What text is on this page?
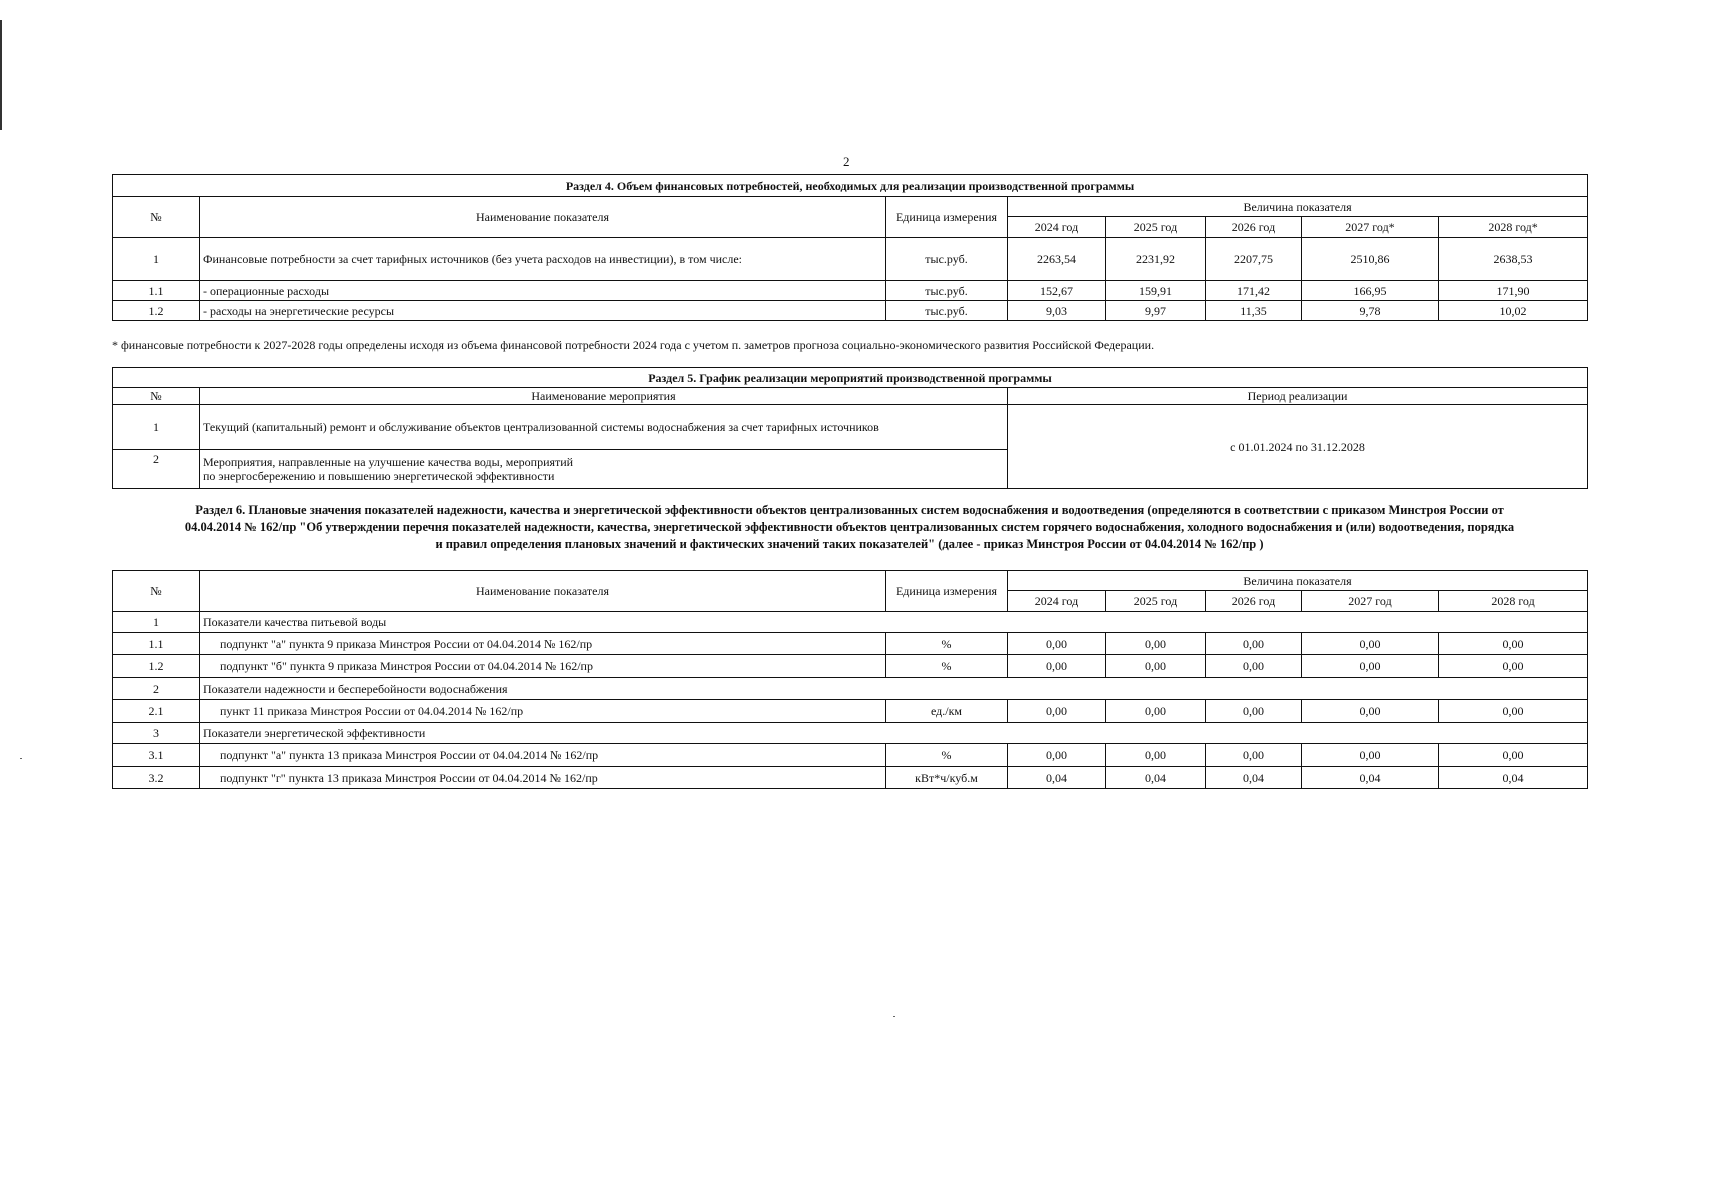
2
Раздел 4. Объем финансовых потребностей, необходимых для реализации производственной программы							
№	Наименование показателя	Единица измерения	Величина показателя				
			2024 год	2025 год	2026 год	2027 год*	2028 год*
1	Финансовые потребности за счет тарифных источников (без учета расходов на инвестиции), в том числе:	тыс.руб.	2263,54	2231,92	2207,75	2510,86	2638,53
1.1	- операционные расходы	тыс.руб.	152,67	159,91	171,42	166,95	171,90
1.2	- расходы на энергетические ресурсы	тыс.руб.	9,03	9,97	11,35	9,78	10,02
* финансовые потребности к 2027-2028 годы определены исходя из объема финансовой потребности 2024 года с учетом п. заметров прогноза социально-экономического развития Российской Федерации.
Раздел 5. График реализации мероприятий производственной программы		
№	Наименование мероприятия	Период реализации
1	Текущий (капитальный) ремонт и обслуживание объектов централизованной системы водоснабжения за счет тарифных источников	с 01.01.2024 по 31.12.2028
2	Мероприятия, направленные на улучшение качества воды, мероприятий
по энергосбережению и повышению энергетической эффективности	
Раздел 6. Плановые значения показателей надежности, качества и энергетической эффективности объектов централизованных систем водоснабжения и водоотведения (определяются в соответствии с приказом Минстроя России от
04.04.2014 № 162/пр "Об утверждении перечня показателей надежности, качества, энергетической эффективности объектов централизованных систем горячего водоснабжения, холодного водоснабжения и (или) водоотведения, порядка
и правил определения плановых значений и фактических значений таких показателей" (далее - приказ Минстроя России от 04.04.2014 № 162/пр )
№	Наименование показателя	Единица измерения	Величина показателя				
			2024 год	2025 год	2026 год	2027 год	2028 год
1	Показатели качества питьевой воды						
1.1	подпункт "а" пункта 9 приказа Минстроя России от 04.04.2014 № 162/пр	%	0,00	0,00	0,00	0,00	0,00
1.2	подпункт "б" пункта 9 приказа Минстроя России от 04.04.2014 № 162/пр	%	0,00	0,00	0,00	0,00	0,00
2	Показатели надежности и бесперебойности водоснабжения						
2.1	пункт 11 приказа Минстроя России от 04.04.2014 № 162/пр	ед./км	0,00	0,00	0,00	0,00	0,00
3	Показатели энергетической эффективности						
3.1	подпункт "а" пункта 13 приказа Минстроя России от 04.04.2014 № 162/пр	%	0,00	0,00	0,00	0,00	0,00
3.2	подпункт "г" пункта 13 приказа Минстроя России от 04.04.2014 № 162/пр	кВт*ч/куб.м	0,04	0,04	0,04	0,04	0,04
